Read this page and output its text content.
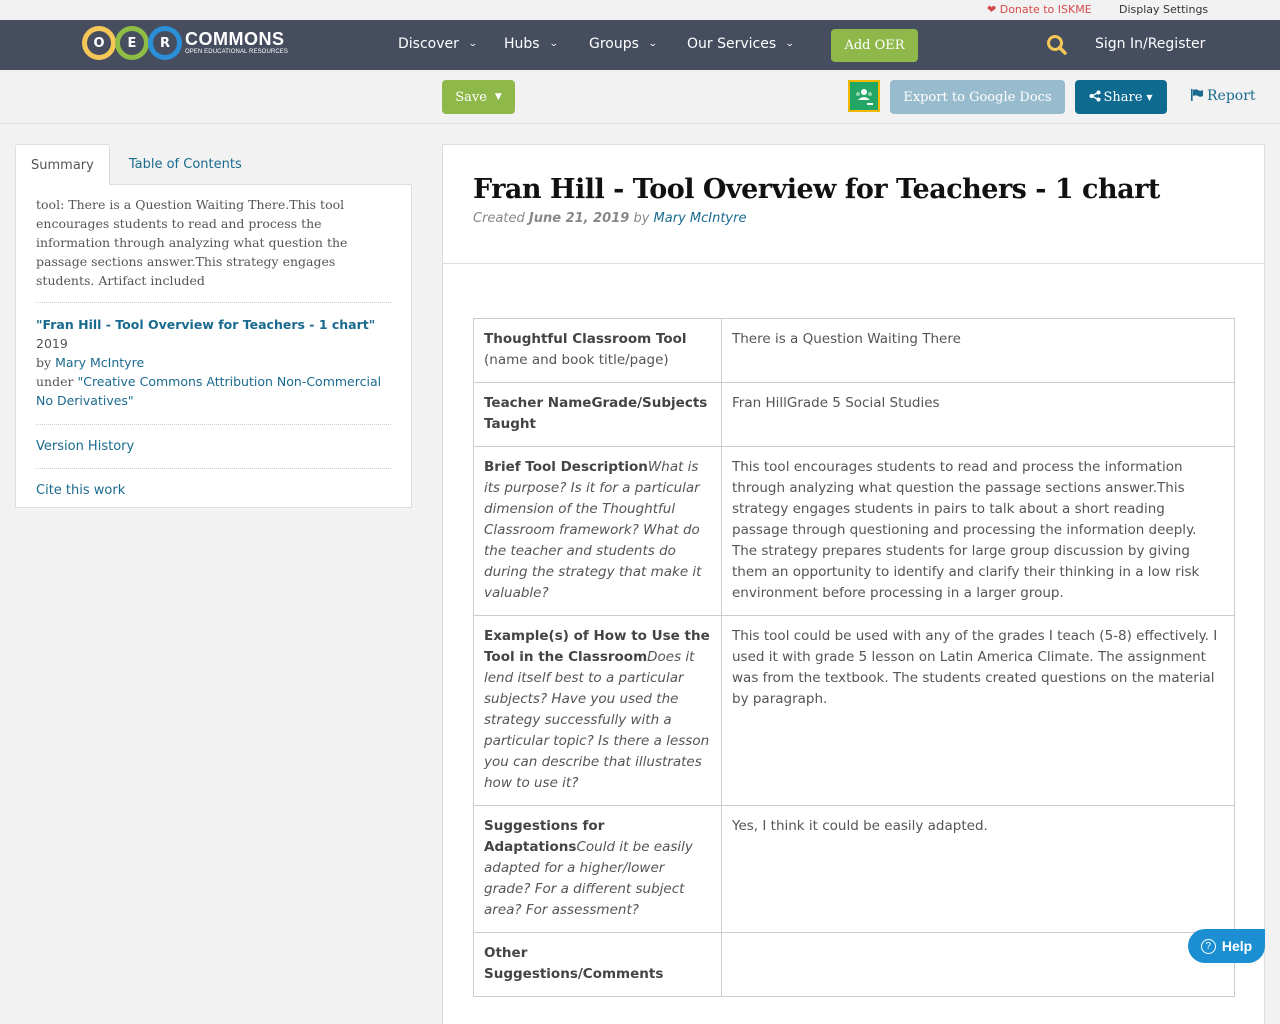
❤ Donate to ISKME Display Settings
O	E	R COMMONS
OPEN EDUCATIONAL RESOURCES	Discover ⌄ Hubs ⌄ Groups ⌄ Our Services ⌄	Add OER	Sign In/Register
Save ▼	Export to Google Docs	Share ▼	Report
Summary	Table of Contents

tool: There is a Question Waiting There.This tool encourages students to read and process the information through analyzing what question the passage sections answer.This strategy engages students. Artifact included

"Fran Hill - Tool Overview for Teachers - 1 chart" 2019
by Mary McIntyre
under "Creative Commons Attribution Non-Commercial No Derivatives"
Version History
Cite this work
Fran Hill - Tool Overview for Teachers - 1 chart
Created June 21, 2019 by Mary McIntyre
Thoughtful Classroom Tool
(name and book title/page)	There is a Question Waiting There
Teacher NameGrade/Subjects Taught	Fran HillGrade 5 Social Studies
Brief Tool DescriptionWhat is its purpose? Is it for a particular dimension of the Thoughtful Classroom framework? What do the teacher and students do during the strategy that make it valuable?	This tool encourages students to read and process the information through analyzing what question the passage sections answer.This strategy engages students in pairs to talk about a short reading passage through questioning and processing the information deeply. The strategy prepares students for large group discussion by giving them an opportunity to identify and clarify their thinking in a low risk environment before processing in a larger group.
Example(s) of How to Use the Tool in the ClassroomDoes it lend itself best to a particular subjects? Have you used the strategy successfully with a particular topic? Is there a lesson you can describe that illustrates how to use it?	This tool could be used with any of the grades I teach (5-8) effectively. I used it with grade 5 lesson on Latin America Climate. The assignment was from the textbook. The students created questions on the material by paragraph.
Suggestions for AdaptationsCould it be easily adapted for a higher/lower grade? For a different subject area? For assessment?	Yes, I think it could be easily adapted.
Other Suggestions/Comments	
? Help
